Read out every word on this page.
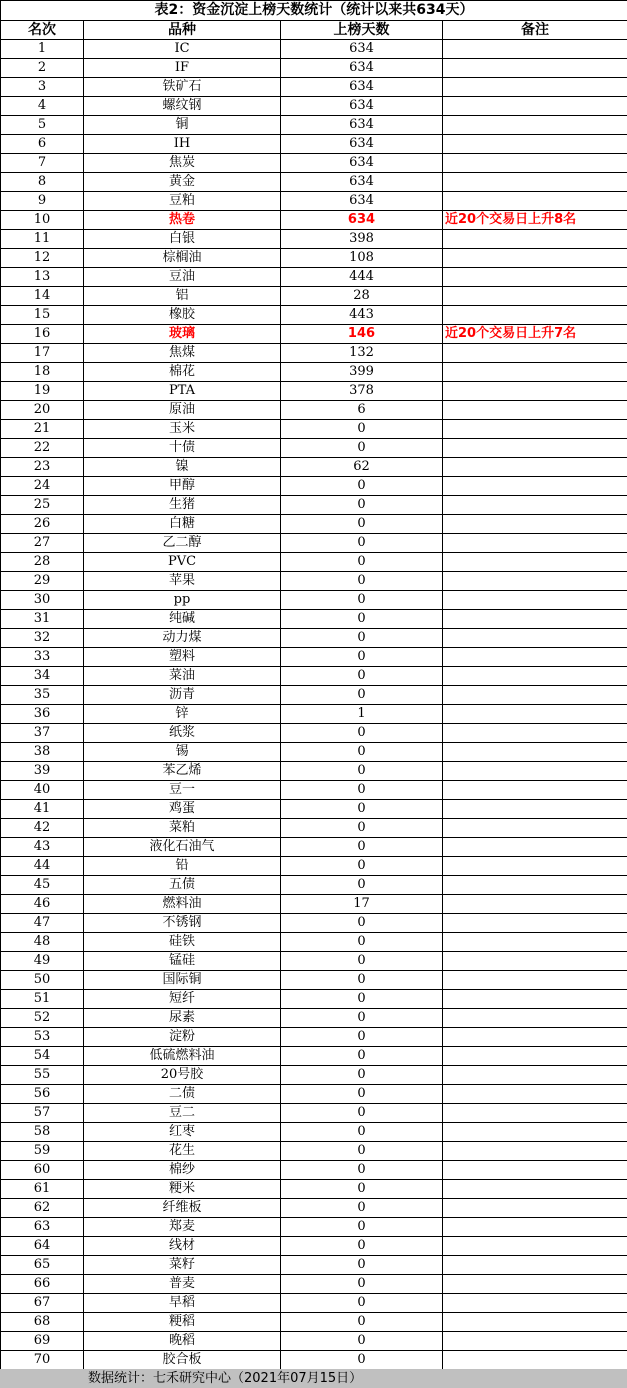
表2：资金沉淀上榜天数统计（统计以来共634天）			
名次	品种	上榜天数	备注
1	IC	634	
2	IF	634	
3	铁矿石	634	
4	螺纹钢	634	
5	铜	634	
6	IH	634	
7	焦炭	634	
8	黄金	634	
9	豆粕	634	
10	热卷	634	近20个交易日上升8名
11	白银	398	
12	棕榈油	108	
13	豆油	444	
14	铝	28	
15	橡胶	443	
16	玻璃	146	近20个交易日上升7名
17	焦煤	132	
18	棉花	399	
19	PTA	378	
20	原油	6	
21	玉米	0	
22	十债	0	
23	镍	62	
24	甲醇	0	
25	生猪	0	
26	白糖	0	
27	乙二醇	0	
28	PVC	0	
29	苹果	0	
30	pp	0	
31	纯碱	0	
32	动力煤	0	
33	塑料	0	
34	菜油	0	
35	沥青	0	
36	锌	1	
37	纸浆	0	
38	锡	0	
39	苯乙烯	0	
40	豆一	0	
41	鸡蛋	0	
42	菜粕	0	
43	液化石油气	0	
44	铅	0	
45	五债	0	
46	燃料油	17	
47	不锈钢	0	
48	硅铁	0	
49	锰硅	0	
50	国际铜	0	
51	短纤	0	
52	尿素	0	
53	淀粉	0	
54	低硫燃料油	0	
55	20号胶	0	
56	二债	0	
57	豆二	0	
58	红枣	0	
59	花生	0	
60	棉纱	0	
61	粳米	0	
62	纤维板	0	
63	郑麦	0	
64	线材	0	
65	菜籽	0	
66	普麦	0	
67	早稻	0	
68	粳稻	0	
69	晚稻	0	
70	胶合板	0	
数据统计：七禾研究中心（2021年07月15日）
